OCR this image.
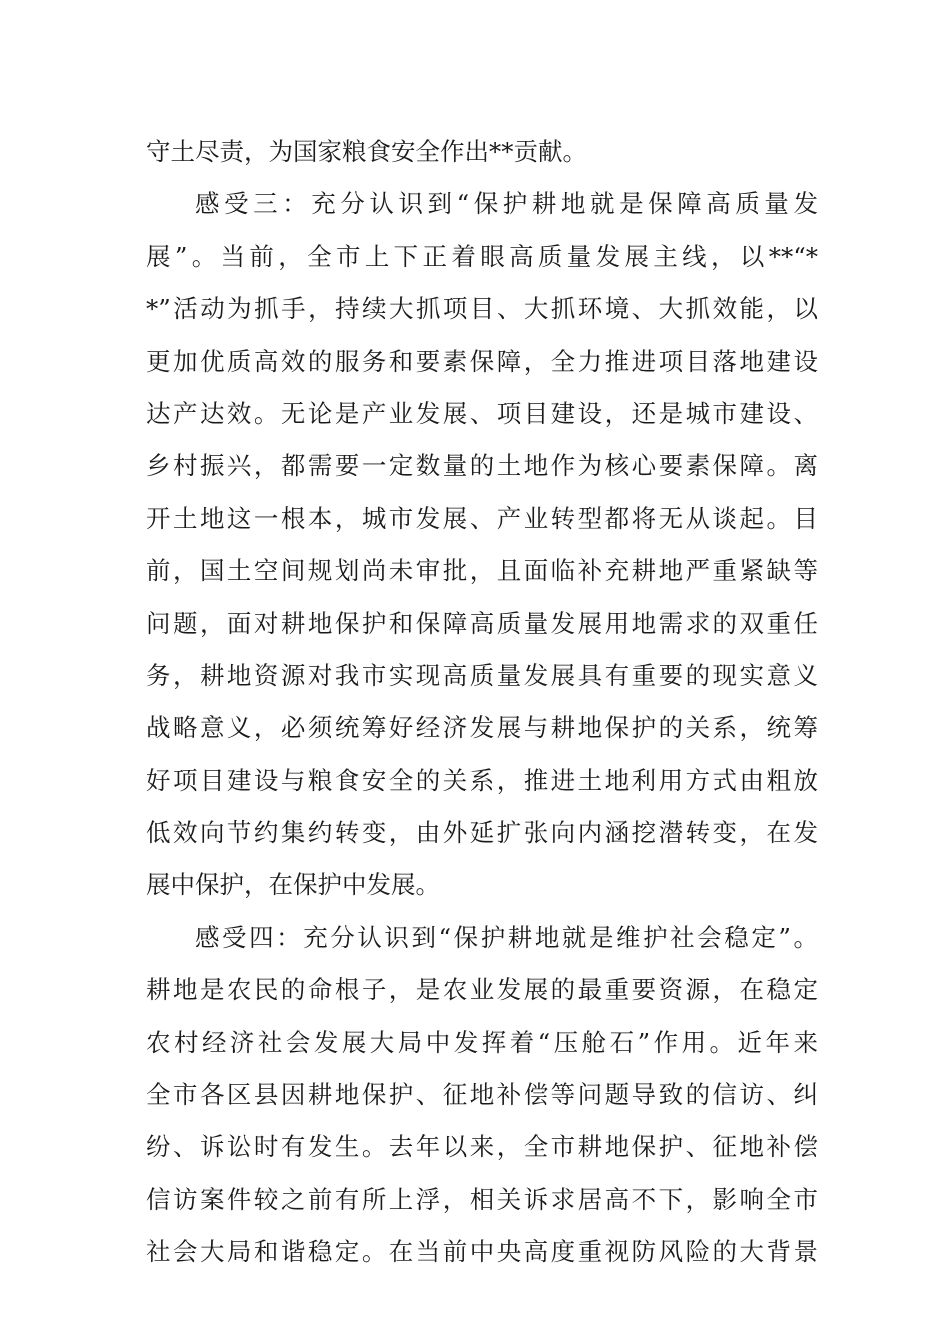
守土尽责，为国家粮食安全作出**贡献。
感受三：充分认识到“保护耕地就是保障高质量发
展”。当前，全市上下正着眼高质量发展主线，以**“*
*”活动为抓手，持续大抓项目、大抓环境、大抓效能，以
更加优质高效的服务和要素保障，全力推进项目落地建设
达产达效。无论是产业发展、项目建设，还是城市建设、
乡村振兴，都需要一定数量的土地作为核心要素保障。离
开土地这一根本，城市发展、产业转型都将无从谈起。目
前，国土空间规划尚未审批，且面临补充耕地严重紧缺等
问题，面对耕地保护和保障高质量发展用地需求的双重任
务，耕地资源对我市实现高质量发展具有重要的现实意义
战略意义，必须统筹好经济发展与耕地保护的关系，统筹
好项目建设与粮食安全的关系，推进土地利用方式由粗放
低效向节约集约转变，由外延扩张向内涵挖潜转变，在发
展中保护，在保护中发展。
感受四：充分认识到“保护耕地就是维护社会稳定”。
耕地是农民的命根子，是农业发展的最重要资源，在稳定
农村经济社会发展大局中发挥着“压舱石”作用。近年来
全市各区县因耕地保护、征地补偿等问题导致的信访、纠
纷、诉讼时有发生。去年以来，全市耕地保护、征地补偿
信访案件较之前有所上浮，相关诉求居高不下，影响全市
社会大局和谐稳定。在当前中央高度重视防风险的大背景
